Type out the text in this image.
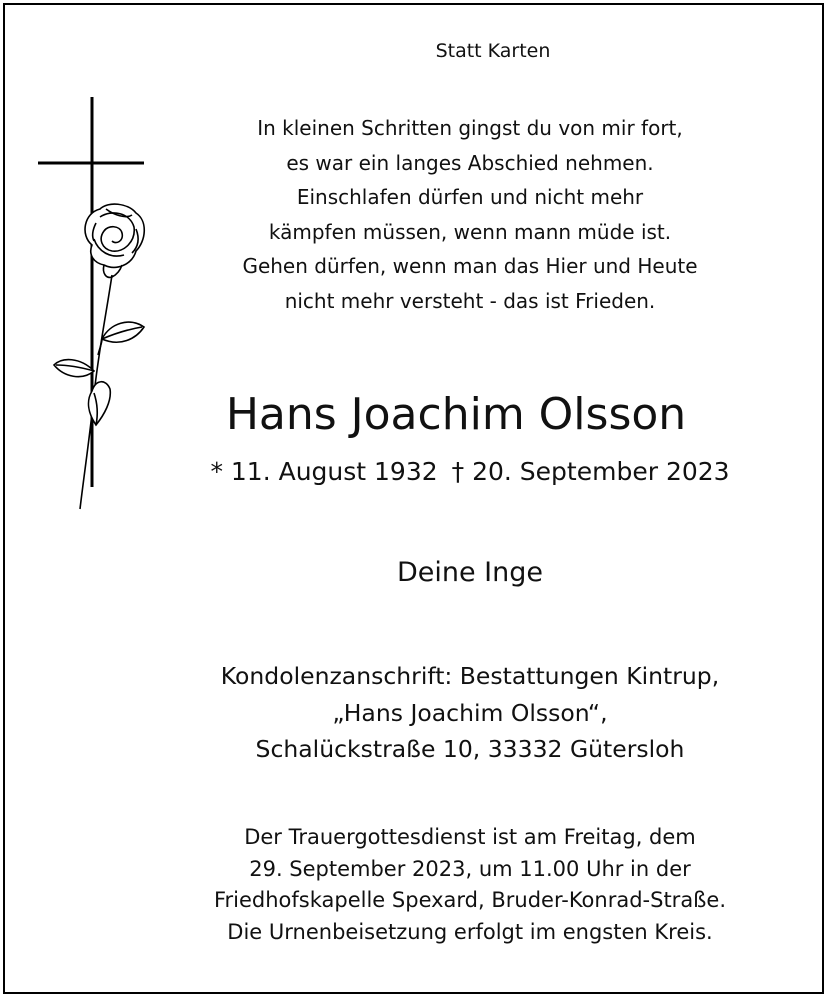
Statt Karten
In kleinen Schritten gingst du von mir fort,
es war ein langes Abschied nehmen.
Einschlafen dürfen und nicht mehr
kämpfen müssen, wenn mann müde ist.
Gehen dürfen, wenn man das Hier und Heute
nicht mehr versteht - das ist Frieden.
Hans Joachim Olsson
* 11. August 1932 † 20. September 2023
Deine Inge
Kondolenzanschrift: Bestattungen Kintrup,
„Hans Joachim Olsson“,
Schalückstraße 10, 33332 Gütersloh
Der Trauergottesdienst ist am Freitag, dem
29. September 2023, um 11.00 Uhr in der
Friedhofskapelle Spexard, Bruder-Konrad-Straße.
Die Urnenbeisetzung erfolgt im engsten Kreis.
